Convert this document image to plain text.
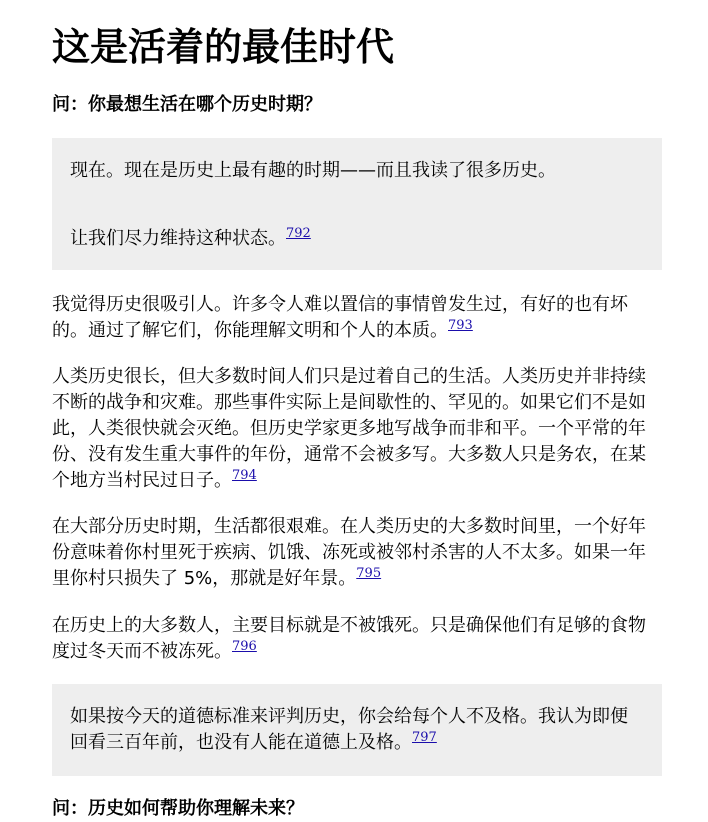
这是活着的最佳时代
问：你最想生活在哪个历史时期？

现在。现在是历史上最有趣的时期——而且我读了很多历史。

让我们尽力维持这种状态。$^{792}$

我觉得历史很吸引人。许多令人难以置信的事情曾发生过，有好的也有坏的。通过了解它们，你能理解文明和个人的本质。$^{793}$

人类历史很长，但大多数时间人们只是过着自己的生活。人类历史并非持续不断的战争和灾难。那些事件实际上是间歇性的、罕见的。如果它们不是如此，人类很快就会灭绝。但历史学家更多地写战争而非和平。一个平常的年份、没有发生重大事件的年份，通常不会被多写。大多数人只是务农，在某个地方当村民过日子。$^{794}$

在大部分历史时期，生活都很艰难。在人类历史的大多数时间里，一个好年份意味着你村里死于疾病、饥饿、冻死或被邻村杀害的人不太多。如果一年里你村只损失了 5%，那就是好年景。$^{795}$

在历史上的大多数人，主要目标就是不被饿死。只是确保他们有足够的食物度过冬天而不被冻死。$^{796}$

如果按今天的道德标准来评判历史，你会给每个人不及格。我认为即便回看三百年前，也没有人能在道德上及格。$^{797}$

问：历史如何帮助你理解未来？
